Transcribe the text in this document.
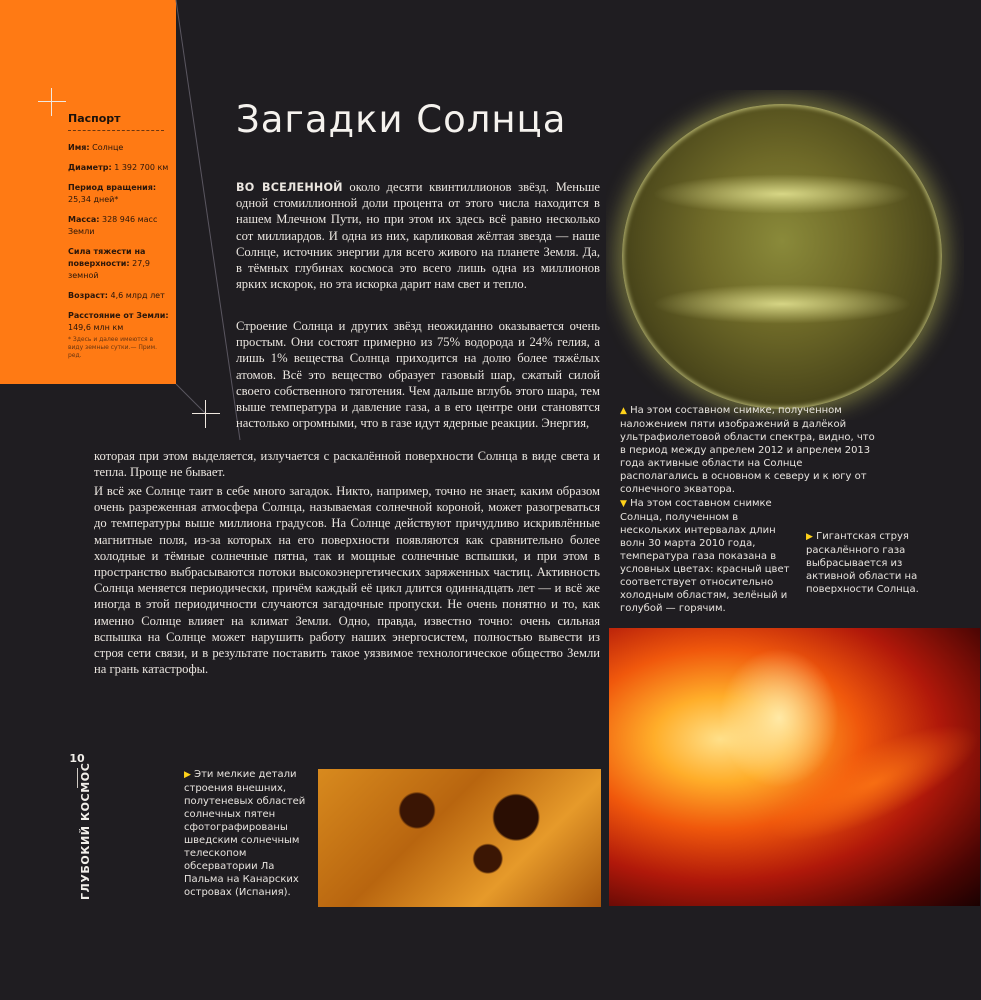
Паспорт
Имя: Солнце
Диаметр: 1 392 700 км
Период вращения: 25,34 дней*
Масса: 328 946 масс Земли
Сила тяжести на поверхности: 27,9 земной
Возраст: 4,6 млрд лет
Расстояние от Земли: 149,6 млн км
* Здесь и далее имеются в виду земные сутки.— Прим. ред.
Загадки Солнца

ВО ВСЕЛЕННОЙ около десяти квинтиллионов звёзд. Меньше одной стомиллионной доли процента от этого числа находится в нашем Млечном Пути, но при этом их здесь всё равно несколько сот миллиардов. И одна из них, карликовая жёлтая звезда — наше Солнце, источник энергии для всего живого на планете Земля. Да, в тёмных глубинах космоса это всего лишь одна из миллионов ярких искорок, но эта искорка дарит нам свет и тепло.

Строение Солнца и других звёзд неожиданно оказывается очень простым. Они состоят примерно из 75% водорода и 24% гелия, а лишь 1% вещества Солнца приходится на долю более тяжёлых атомов. Всё это вещество образует газовый шар, сжатый силой своего собственного тяготения. Чем дальше вглубь этого шара, тем выше температура и давление газа, а в его центре они становятся настолько огромными, что в газе идут ядерные реакции. Энергия,

которая при этом выделяется, излучается с раскалённой поверхности Солнца в виде света и тепла. Проще не бывает.

И всё же Солнце таит в себе много загадок. Никто, например, точно не знает, каким образом очень разреженная атмосфера Солнца, называемая солнечной короной, может разогреваться до температуры выше миллиона градусов. На Солнце действуют причудливо искривлённые магнитные поля, из-за которых на его поверхности появляются как сравнительно более холодные и тёмные солнечные пятна, так и мощные солнечные вспышки, и при этом в пространство выбрасываются потоки высокоэнергетических заряженных частиц. Активность Солнца меняется периодически, причём каждый её цикл длится одиннадцать лет — и всё же иногда в этой периодичности случаются загадочные пропуски. Не очень понятно и то, как именно Солнце влияет на климат Земли. Одно, правда, известно точно: очень сильная вспышка на Солнце может нарушить работу наших энергосистем, полностью вывести из строя сети связи, и в результате поставить такое уязвимое технологическое общество Земли на грань катастрофы.

▲ На этом составном снимке, полученном наложением пяти изображений в далёкой ультрафиолетовой области спектра, видно, что в период между апрелем 2012 и апрелем 2013 года активные области на Солнце располагались в основном к северу и к югу от солнечного экватора.
▼ На этом составном снимке Солнца, полученном в нескольких интервалах длин волн 30 марта 2010 года, температура газа показана в условных цветах: красный цвет соответствует относительно холодным областям, зелёный и голубой — горячим.
▶ Гигантская струя раскалённого газа выбрасывается из активной области на поверхности Солнца.
▶ Эти мелкие детали строения внешних, полутеневых областей солнечных пятен сфотографированы шведским солнечным телескопом обсерватории Ла Пальма на Канарских островах (Испания).
10
ГЛУБОКИЙ КОСМОС
